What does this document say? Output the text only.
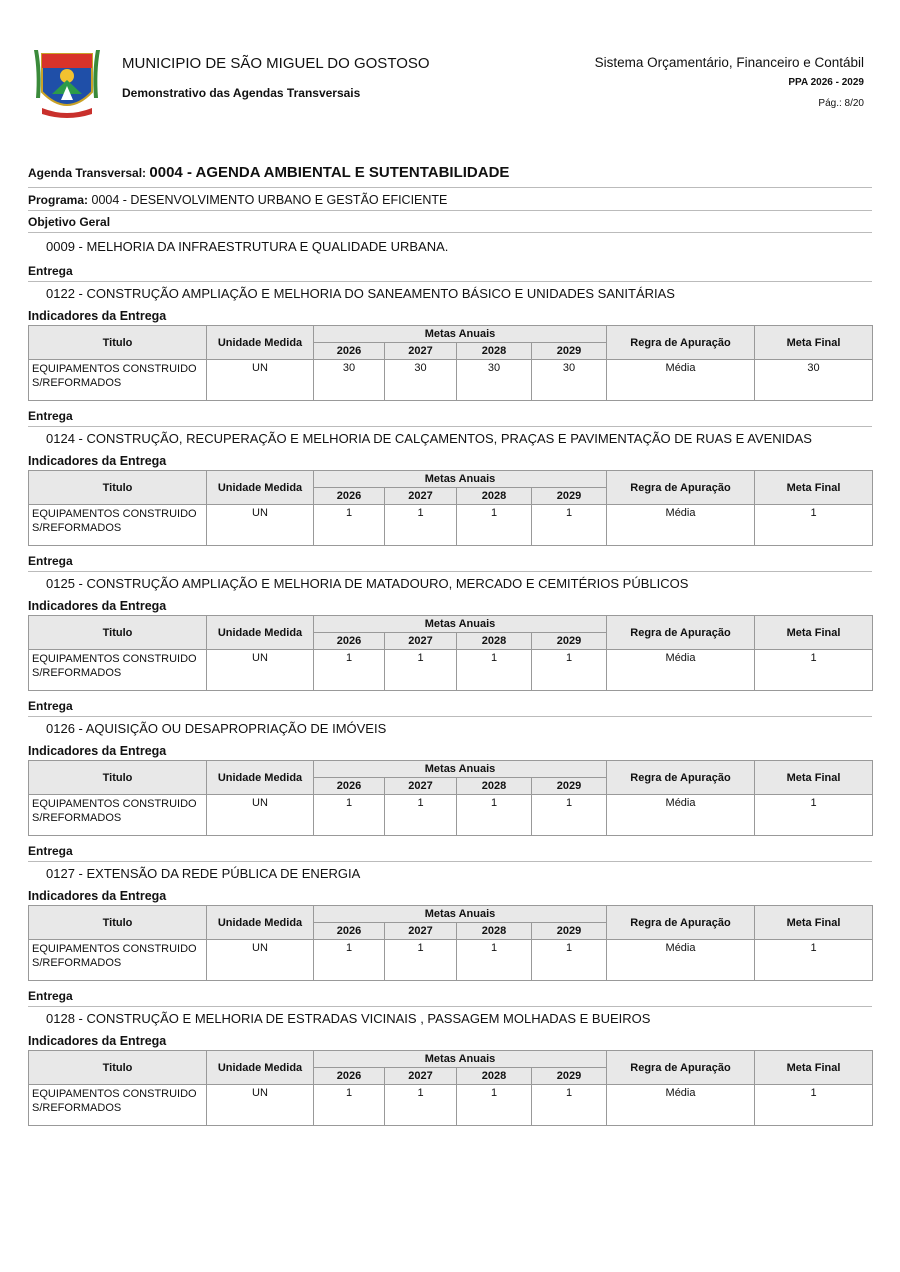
MUNICIPIO DE SÃO MIGUEL DO GOSTOSO
Demonstrativo das Agendas Transversais
Sistema Orçamentário, Financeiro e Contábil
PPA 2026 - 2029
Pág.: 8/20
Agenda Transversal: 0004 - AGENDA AMBIENTAL E SUTENTABILIDADE
Programa: 0004 - DESENVOLVIMENTO URBANO E GESTÃO EFICIENTE
Objetivo Geral
0009 - MELHORIA DA INFRAESTRUTURA E QUALIDADE URBANA.
Entrega
0122 - CONSTRUÇÃO AMPLIAÇÃO E MELHORIA DO SANEAMENTO BÁSICO E UNIDADES SANITÁRIAS
Indicadores da Entrega
Titulo	Unidade Medida	Metas Anuais				Regra de Apuração	Meta Final
		2026	2027	2028	2029		
EQUIPAMENTOS CONSTRUIDOS/REFORMADOS	UN	30	30	30	30	Média	30
Entrega
0124 - CONSTRUÇÃO, RECUPERAÇÃO E MELHORIA DE CALÇAMENTOS, PRAÇAS E PAVIMENTAÇÃO DE RUAS E AVENIDAS
Indicadores da Entrega
Titulo	Unidade Medida	Metas Anuais				Regra de Apuração	Meta Final
		2026	2027	2028	2029		
EQUIPAMENTOS CONSTRUIDOS/REFORMADOS	UN	1	1	1	1	Média	1
Entrega
0125 - CONSTRUÇÃO AMPLIAÇÃO E MELHORIA DE MATADOURO, MERCADO E CEMITÉRIOS PÚBLICOS
Indicadores da Entrega
Titulo	Unidade Medida	Metas Anuais				Regra de Apuração	Meta Final
		2026	2027	2028	2029		
EQUIPAMENTOS CONSTRUIDOS/REFORMADOS	UN	1	1	1	1	Média	1
Entrega
0126 - AQUISIÇÃO OU DESAPROPRIAÇÃO DE IMÓVEIS
Indicadores da Entrega
Titulo	Unidade Medida	Metas Anuais				Regra de Apuração	Meta Final
		2026	2027	2028	2029		
EQUIPAMENTOS CONSTRUIDOS/REFORMADOS	UN	1	1	1	1	Média	1
Entrega
0127 - EXTENSÃO DA REDE PÚBLICA DE ENERGIA
Indicadores da Entrega
Titulo	Unidade Medida	Metas Anuais				Regra de Apuração	Meta Final
		2026	2027	2028	2029		
EQUIPAMENTOS CONSTRUIDOS/REFORMADOS	UN	1	1	1	1	Média	1
Entrega
0128 - CONSTRUÇÃO E MELHORIA DE ESTRADAS VICINAIS , PASSAGEM MOLHADAS E BUEIROS
Indicadores da Entrega
Titulo	Unidade Medida	Metas Anuais				Regra de Apuração	Meta Final
		2026	2027	2028	2029		
EQUIPAMENTOS CONSTRUIDOS/REFORMADOS	UN	1	1	1	1	Média	1
